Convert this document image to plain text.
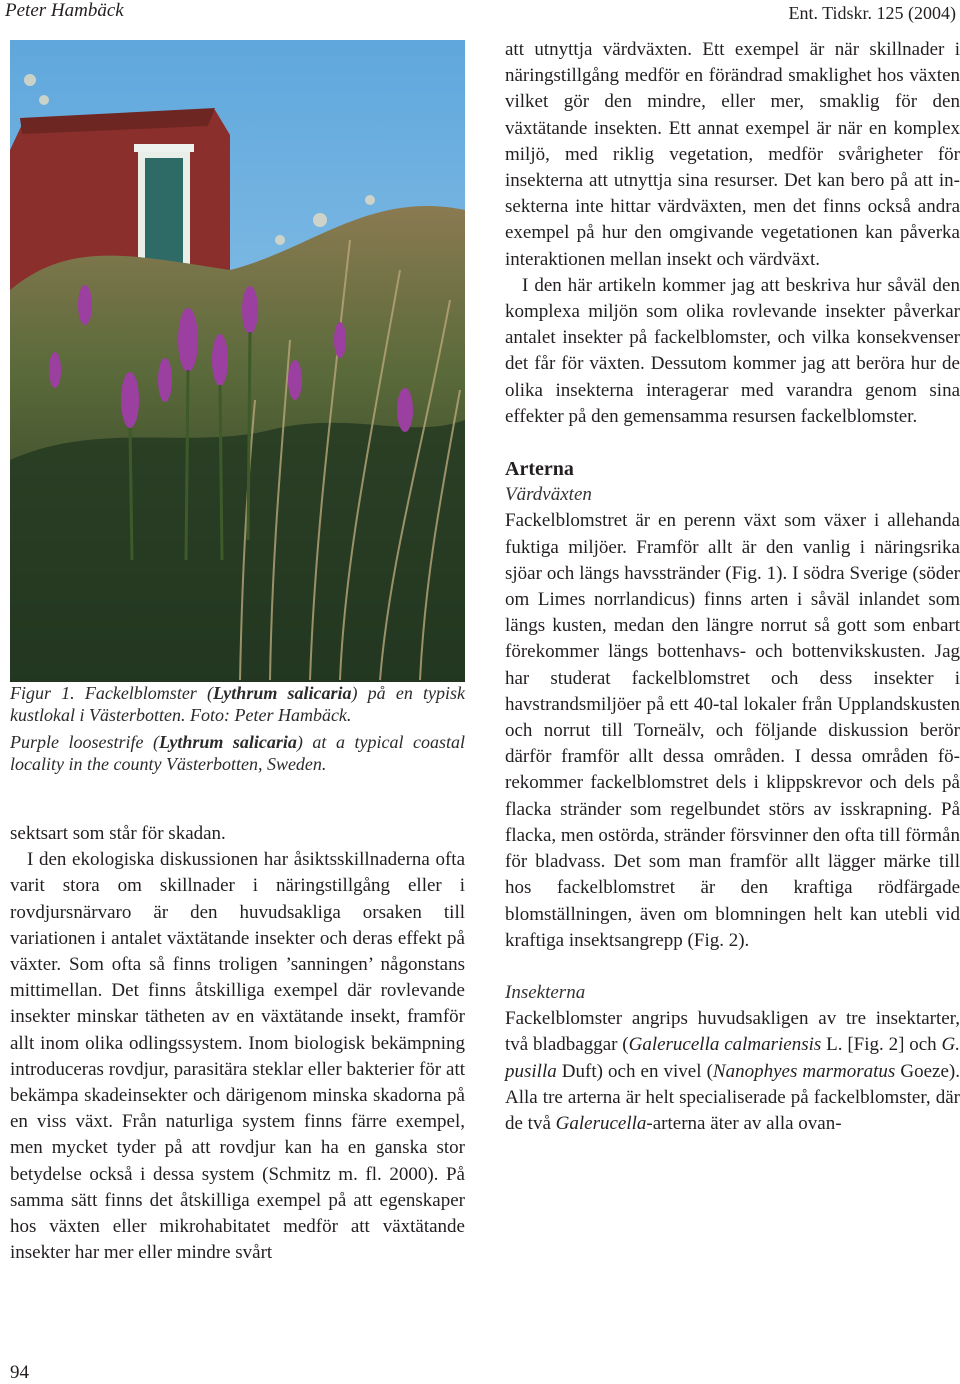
Peter Hambäck	Ent. Tidskr. 125 (2004)

Figur 1. Fackelblomster (Lythrum salicaria) på en typisk kustlokal i Västerbotten. Foto: Peter Hambäck.

Purple loosestrife (Lythrum salicaria) at a typical coastal locality in the county Västerbotten, Sweden.

sektsart som står för skadan.

I den ekologiska diskussionen har åsiktsskillnaderna ofta varit stora om skillnader i näringstillgång eller i rovdjursnärvaro är den huvudsakliga orsaken till variationen i antalet växtätande insekter och deras effekt på växter. Som ofta så finns troligen ’sanningen’ någonstans mittimellan. Det finns åtskilliga exempel där rovlevande insekter minskar tätheten av en växtätande insekt, framför allt inom olika odlingssystem. Inom biologisk bekämpning introduceras rovdjur, parasitära steklar eller bakterier för att bekämpa skadeinsekter och därigenom minska skadorna på en viss växt. Från naturliga system finns färre exempel, men mycket tyder på att rovdjur kan ha en ganska stor betydelse också i dessa system (Schmitz m. fl. 2000). På samma sätt finns det åtskilliga exempel på att egenskaper hos växten eller mikrohabitatet medför att växtätande insekter har mer eller mindre svårt

att utnyttja värdväxten. Ett exempel är när skillnader i näringstillgång medför en förändrad smaklighet hos växten vilket gör den mindre, eller mer, smaklig för den växtätande insekten. Ett annat exempel är när en komplex miljö, med riklig vegetation, medför svårigheter för insekterna att utnyttja sina resurser. Det kan bero på att insekterna inte hittar värdväxten, men det finns också andra exempel på hur den omgivande vegetationen kan påverka interaktionen mellan insekt och värdväxt.

I den här artikeln kommer jag att beskriva hur såväl den komplexa miljön som olika rovlevande insekter påverkar antalet insekter på fackelblomster, och vilka konsekvenser det får för växten. Dessutom kommer jag att beröra hur de olika insekterna interagerar med varandra genom sina effekter på den gemensamma resursen fackelblomster.

Arterna

Värdväxten

Fackelblomstret är en perenn växt som växer i allehanda fuktiga miljöer. Framför allt är den vanlig i näringsrika sjöar och längs havsstränder (Fig. 1). I södra Sverige (söder om Limes norrlandicus) finns arten i såväl inlandet som längs kusten, medan den längre norrut så gott som enbart förekommer längs bottenhavs- och bottenvikskusten. Jag har studerat fackelblomstret och dess insekter i havstrandsmiljöer på ett 40-tal lokaler från Upplandskusten och norrut till Torneälv, och följande diskussion berör därför framför allt dessa områden. I dessa områden förekommer fackelblomstret dels i klippskrevor och dels på flacka stränder som regelbundet störs av isskrapning. På flacka, men ostörda, stränder försvinner den ofta till förmån för bladvass. Det som man framför allt lägger märke till hos fackelblomstret är den kraftiga rödfärgade blomställningen, även om blomningen helt kan utebli vid kraftiga insektsangrepp (Fig. 2).

Insekterna

Fackelblomster angrips huvudsakligen av tre insektarter, två bladbaggar (Galerucella calmariensis L. [Fig. 2] och G. pusilla Duft) och en vivel (Nanophyes marmoratus Goeze). Alla tre arterna är helt specialiserade på fackelblomster, där de två Galerucella-arterna äter av alla ovan-

94
